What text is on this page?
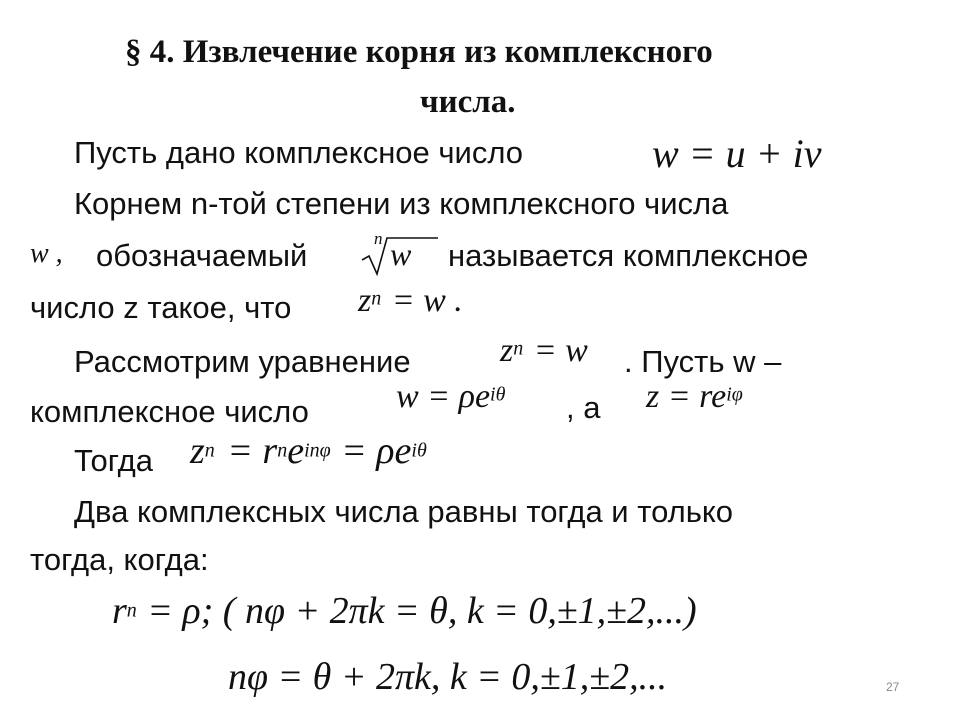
§ 4. Извлечение корня из комплексного
числа.
Пусть дано комплексное число	w = u + iv
Корнем n-той степени из комплексного числа
w , обозначаемый	n w называется комплексное
число z такое, что $z^n = w$ .
Рассмотрим уравнение	$z^n = w$ . Пусть w –
комплексное число	$w = \rho e^{i\theta}$ , а $z = re^{i\varphi}$
Тогда $z^n = r^ne^{in\varphi} = \rho e^{i\theta}$
Два комплексных числа равны тогда и только
тогда, когда:
$r^n = \rho$; ( nφ + 2πk = θ, k = 0,±1,±2,...)
nφ = θ + 2πk, k = 0,±1,±2,...	27
